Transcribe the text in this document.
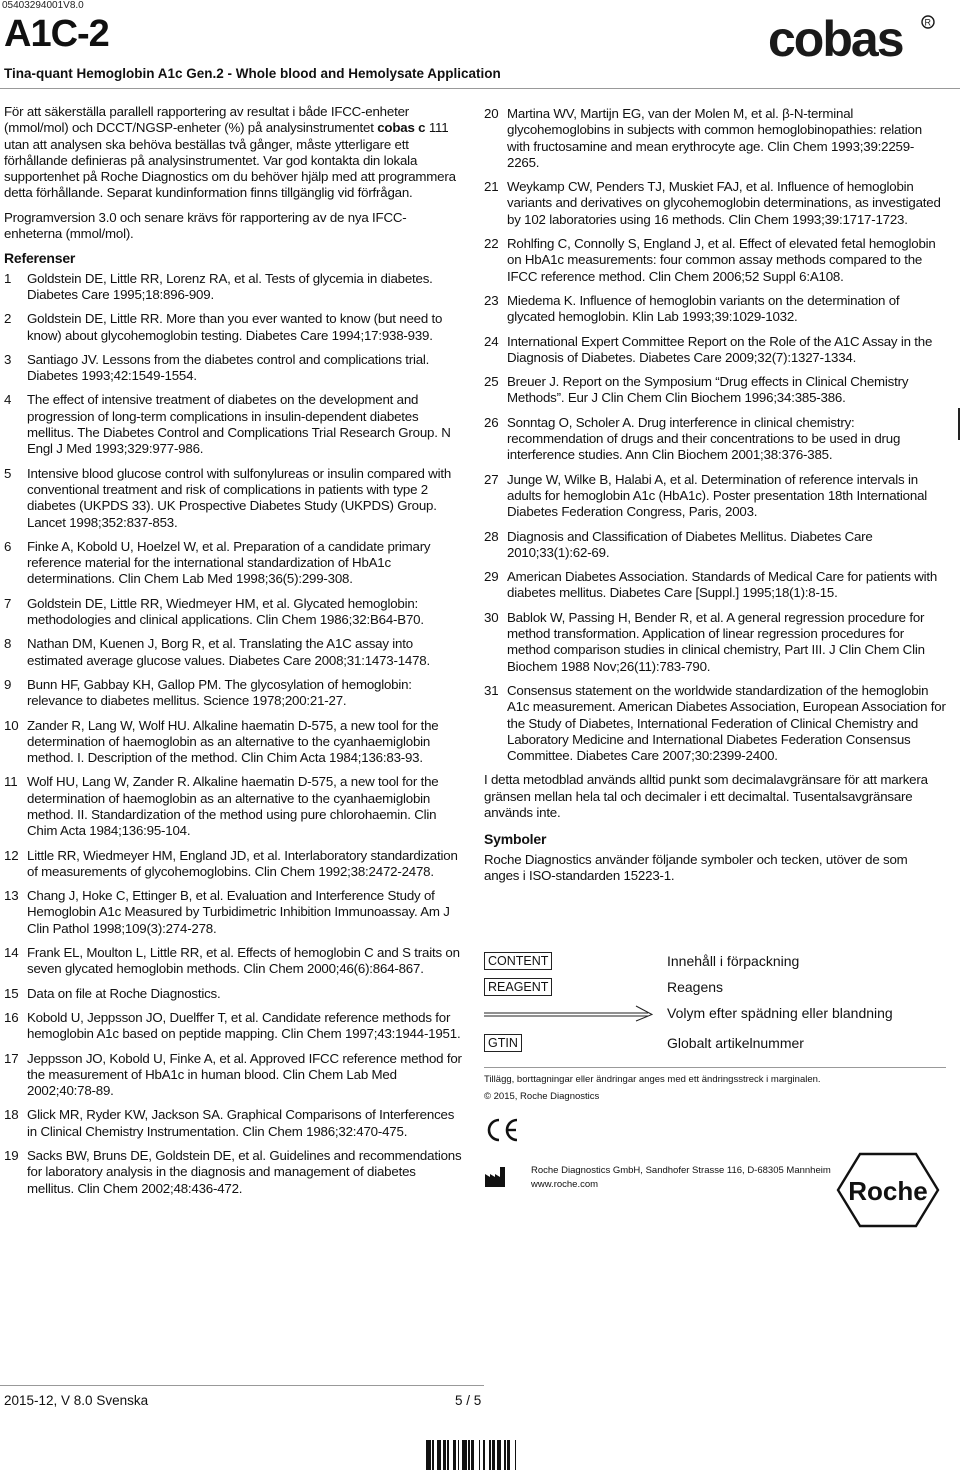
05403294001V8.0
A1C-2
Tina-quant Hemoglobin A1c Gen.2 - Whole blood and Hemolysate Application
cobas R

För att säkerställa parallell rapportering av resultat i både IFCC-enheter (mmol/mol) och DCCT/NGSP-enheter (%) på analysinstrumentet cobas c 111 utan att analysen ska behöva beställas två gånger, måste ytterligare ett förhållande definieras på analysinstrumentet. Var god kontakta din lokala supportenhet på Roche Diagnostics om du behöver hjälp med att programmera detta förhållande. Separat kundinformation finns tillgänglig vid förfrågan.

Programversion 3.0 och senare krävs för rapportering av de nya IFCC-enheterna (mmol/mol).

Referenser
1	Goldstein DE, Little RR, Lorenz RA, et al. Tests of glycemia in diabetes. Diabetes Care 1995;18:896-909.
2	Goldstein DE, Little RR. More than you ever wanted to know (but need to know) about glycohemoglobin testing. Diabetes Care 1994;17:938-939.
3	Santiago JV. Lessons from the diabetes control and complications trial. Diabetes 1993;42:1549-1554.
4	The effect of intensive treatment of diabetes on the development and progression of long-term complications in insulin-dependent diabetes mellitus. The Diabetes Control and Complications Trial Research Group. N Engl J Med 1993;329:977-986.
5	Intensive blood glucose control with sulfonylureas or insulin compared with conventional treatment and risk of complications in patients with type 2 diabetes (UKPDS 33). UK Prospective Diabetes Study (UKPDS) Group. Lancet 1998;352:837-853.
6	Finke A, Kobold U, Hoelzel W, et al. Preparation of a candidate primary reference material for the international standardization of HbA1c determinations. Clin Chem Lab Med 1998;36(5):299-308.
7	Goldstein DE, Little RR, Wiedmeyer HM, et al. Glycated hemoglobin: methodologies and clinical applications. Clin Chem 1986;32:B64-B70.
8	Nathan DM, Kuenen J, Borg R, et al. Translating the A1C assay into estimated average glucose values. Diabetes Care 2008;31:1473-1478.
9	Bunn HF, Gabbay KH, Gallop PM. The glycosylation of hemoglobin: relevance to diabetes mellitus. Science 1978;200:21-27.
10 Zander R, Lang W, Wolf HU. Alkaline haematin D-575, a new tool for the determination of haemoglobin as an alternative to the cyanhaemiglobin method. I. Description of the method. Clin Chim Acta 1984;136:83-93.
11 Wolf HU, Lang W, Zander R. Alkaline haematin D-575, a new tool for the determination of haemoglobin as an alternative to the cyanhaemiglobin method. II. Standardization of the method using pure chlorohaemin. Clin Chim Acta 1984;136:95-104.
12 Little RR, Wiedmeyer HM, England JD, et al. Interlaboratory standardization of measurements of glycohemoglobins. Clin Chem 1992;38:2472-2478.
13 Chang J, Hoke C, Ettinger B, et al. Evaluation and Interference Study of Hemoglobin A1c Measured by Turbidimetric Inhibition Immunoassay. Am J Clin Pathol 1998;109(3):274-278.
14 Frank EL, Moulton L, Little RR, et al. Effects of hemoglobin C and S traits on seven glycated hemoglobin methods. Clin Chem 2000;46(6):864-867.
15 Data on file at Roche Diagnostics.
16 Kobold U, Jeppsson JO, Duelffer T, et al. Candidate reference methods for hemoglobin A1c based on peptide mapping. Clin Chem 1997;43:1944-1951.
17 Jeppsson JO, Kobold U, Finke A, et al. Approved IFCC reference method for the measurement of HbA1c in human blood. Clin Chem Lab Med 2002;40:78-89.
18 Glick MR, Ryder KW, Jackson SA. Graphical Comparisons of Interferences in Clinical Chemistry Instrumentation. Clin Chem 1986;32:470-475.
19 Sacks BW, Bruns DE, Goldstein DE, et al. Guidelines and recommendations for laboratory analysis in the diagnosis and management of diabetes mellitus. Clin Chem 2002;48:436-472.
20 Martina WV, Martijn EG, van der Molen M, et al. β-N-terminal glycohemoglobins in subjects with common hemoglobinopathies: relation with fructosamine and mean erythrocyte age. Clin Chem 1993;39:2259-2265.
21 Weykamp CW, Penders TJ, Muskiet FAJ, et al. Influence of hemoglobin variants and derivatives on glycohemoglobin determinations, as investigated by 102 laboratories using 16 methods. Clin Chem 1993;39:1717-1723.
22 Rohlfing C, Connolly S, England J, et al. Effect of elevated fetal hemoglobin on HbA1c measurements: four common assay methods compared to the IFCC reference method. Clin Chem 2006;52 Suppl 6:A108.
23 Miedema K. Influence of hemoglobin variants on the determination of glycated hemoglobin. Klin Lab 1993;39:1029-1032.
24 International Expert Committee Report on the Role of the A1C Assay in the Diagnosis of Diabetes. Diabetes Care 2009;32(7):1327-1334.
25 Breuer J. Report on the Symposium “Drug effects in Clinical Chemistry Methods”. Eur J Clin Chem Clin Biochem 1996;34:385-386.
26 Sonntag O, Scholer A. Drug interference in clinical chemistry: recommendation of drugs and their concentrations to be used in drug interference studies. Ann Clin Biochem 2001;38:376-385.
27 Junge W, Wilke B, Halabi A, et al. Determination of reference intervals in adults for hemoglobin A1c (HbA1c). Poster presentation 18th International Diabetes Federation Congress, Paris, 2003.
28 Diagnosis and Classification of Diabetes Mellitus. Diabetes Care 2010;33(1):62-69.
29 American Diabetes Association. Standards of Medical Care for patients with diabetes mellitus. Diabetes Care [Suppl.] 1995;18(1):8-15.
30 Bablok W, Passing H, Bender R, et al. A general regression procedure for method transformation. Application of linear regression procedures for method comparison studies in clinical chemistry, Part III. J Clin Chem Clin Biochem 1988 Nov;26(11):783-790.
31 Consensus statement on the worldwide standardization of the hemoglobin A1c measurement. American Diabetes Association, European Association for the Study of Diabetes, International Federation of Clinical Chemistry and Laboratory Medicine and International Diabetes Federation Consensus Committee. Diabetes Care 2007;30:2399-2400.

I detta metodblad används alltid punkt som decimalavgränsare för att markera gränsen mellan hela tal och decimaler i ett decimaltal. Tusentalsavgränsare används inte.

Symboler

Roche Diagnostics använder följande symboler och tecken, utöver de som anges i ISO-standarden 15223-1.

CONTENT	Innehåll i förpackning
REAGENT	Reagens
Volym efter spädning eller blandning
GTIN	Globalt artikelnummer
Tillägg, borttagningar eller ändringar anges med ett ändringsstreck i marginalen.
© 2015, Roche Diagnostics
Roche Diagnostics GmbH, Sandhofer Strasse 116, D-68305 Mannheim
www.roche.com	Roche
2015-12, V 8.0 Svenska	5 / 5
